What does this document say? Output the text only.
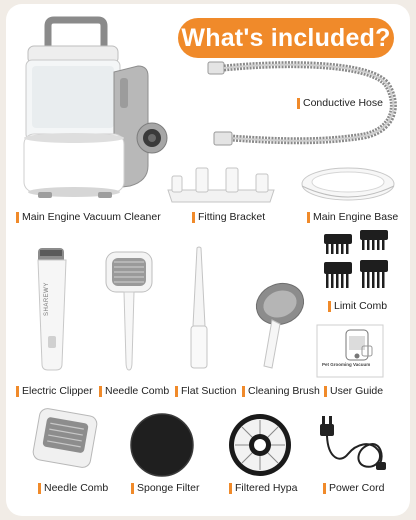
What's included?
Main Engine Vacuum Cleaner
Conductive Hose
Fitting Bracket	Main Engine Base
Limit Comb
SHAREWY
Electric Clipper Needle Comb Flat Suction Cleaning Brush
Pet Grooming Vacuum
User Guide
Needle Comb	Sponge Filter	Filtered Hypa	Power Cord
